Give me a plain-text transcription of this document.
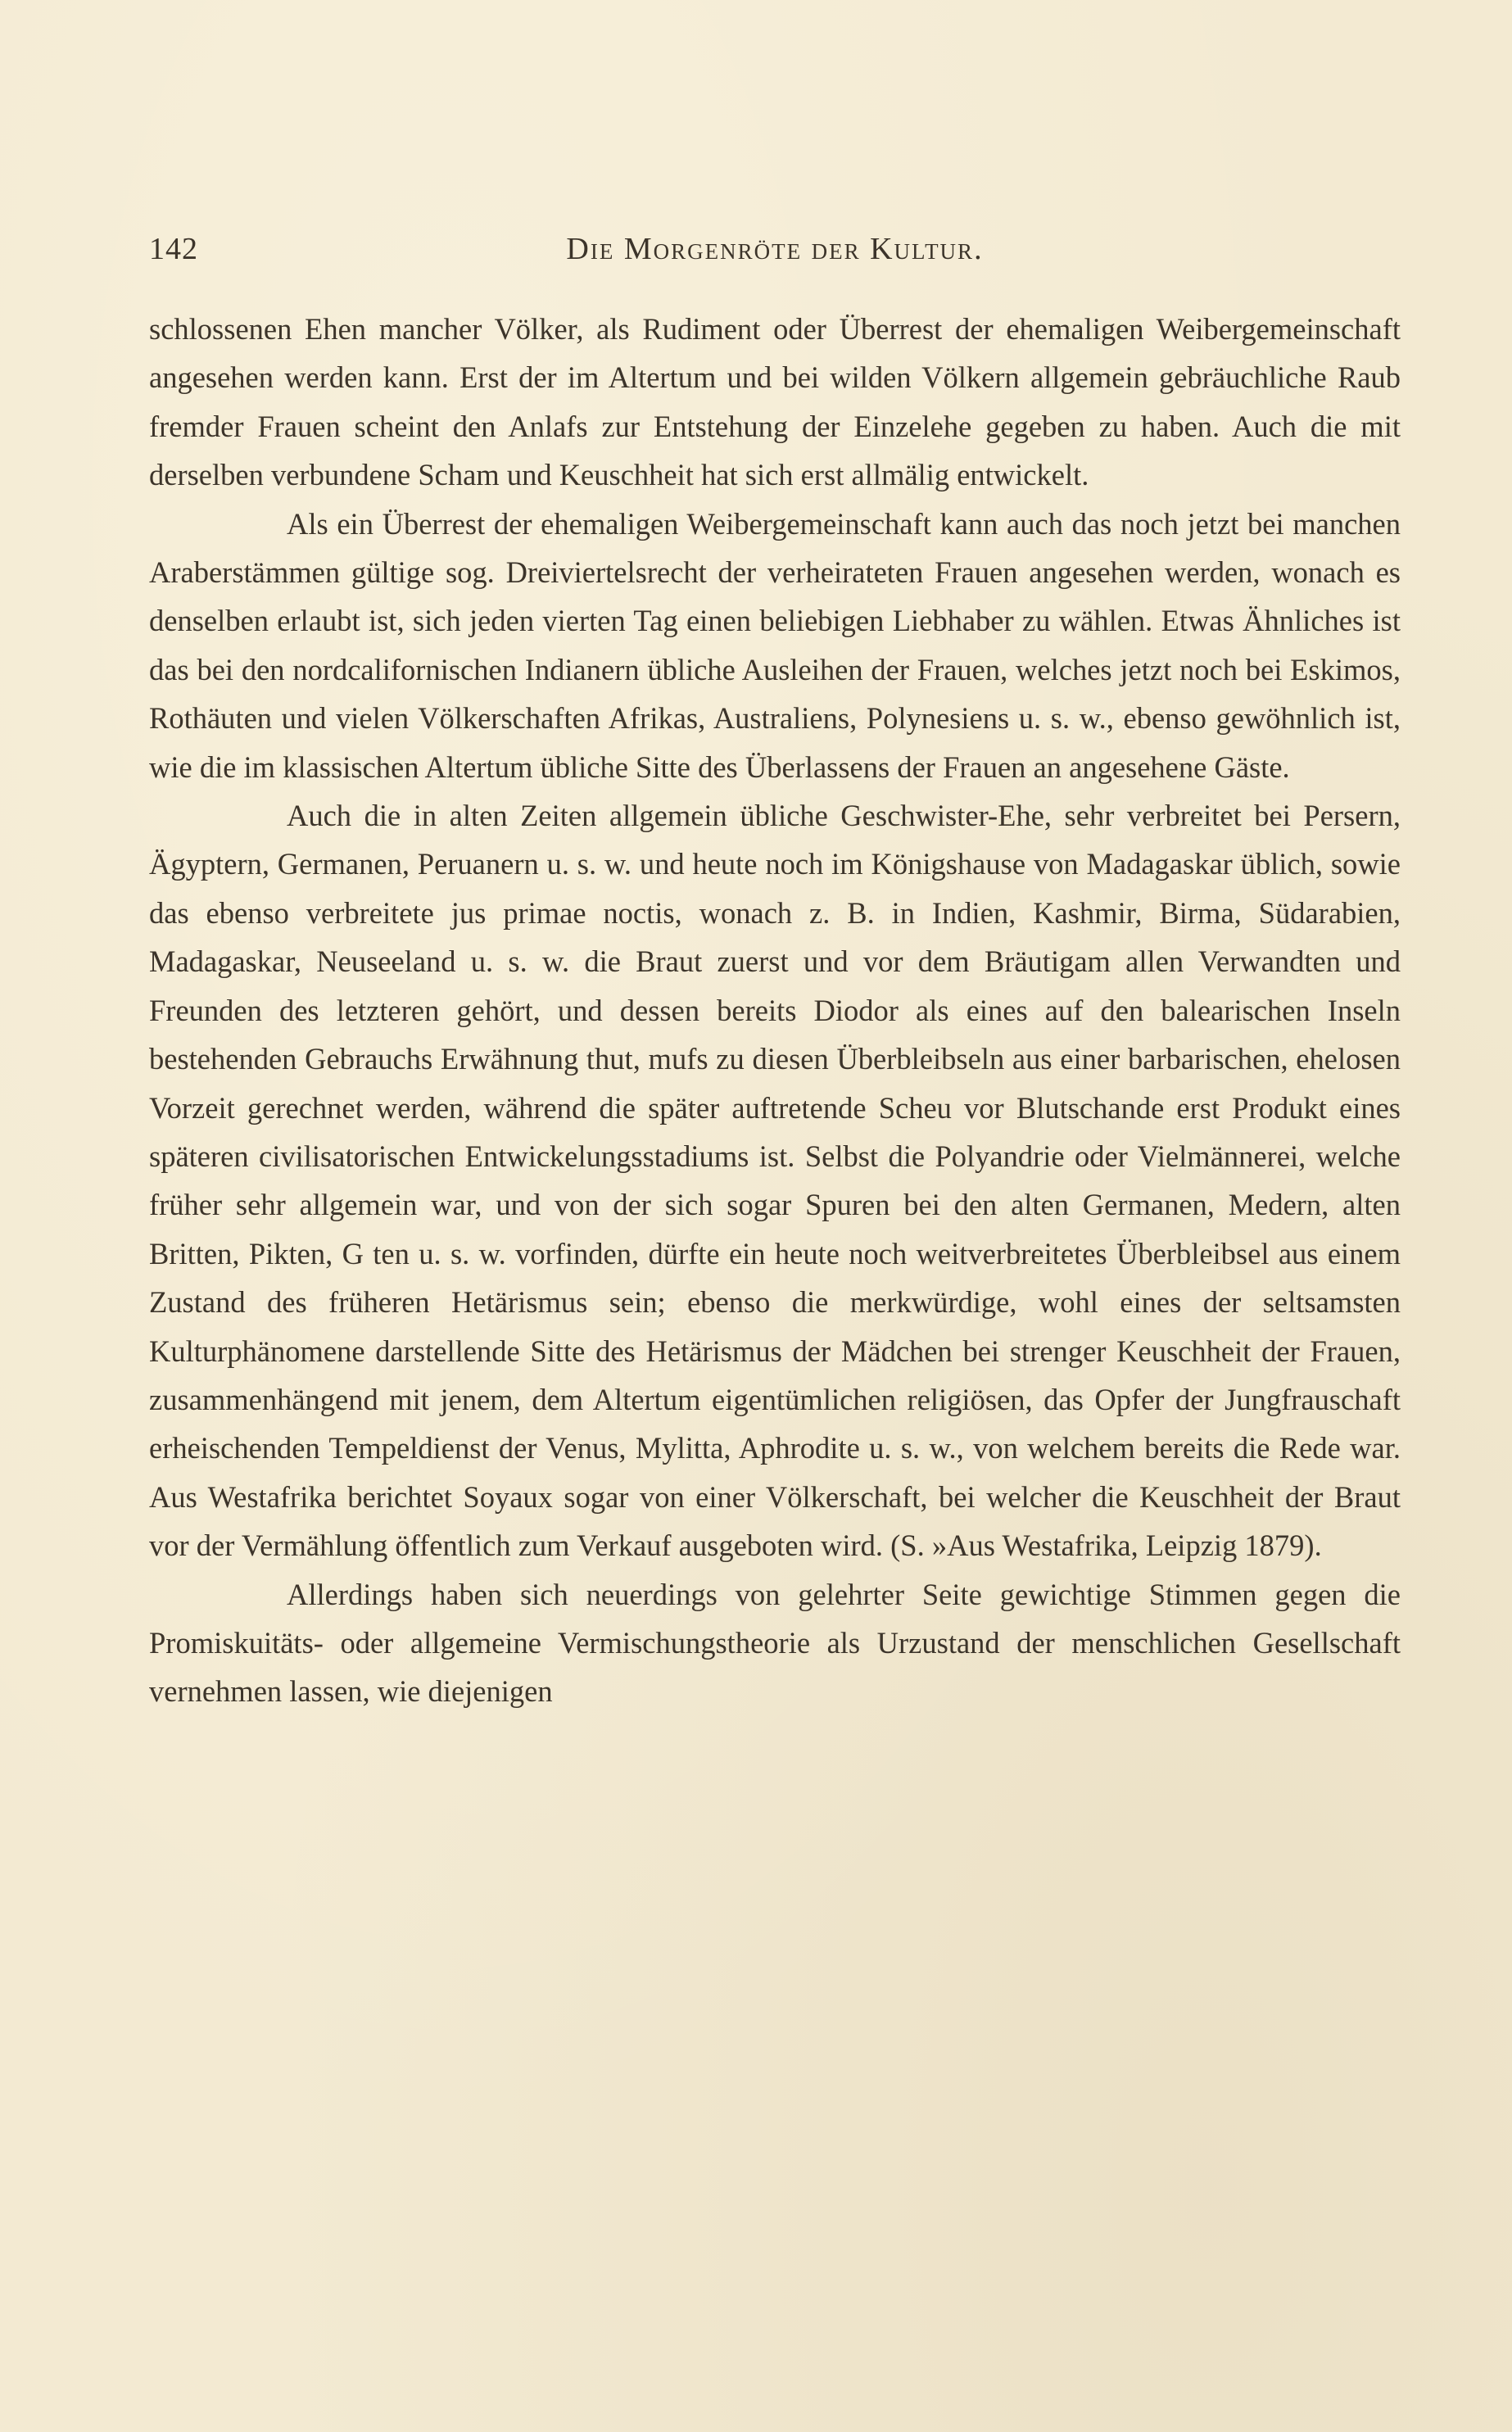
142	Die Morgenröte der Kultur.

schlossenen Ehen mancher Völker, als Rudiment oder Überrest der ehemaligen Weibergemeinschaft angesehen werden kann. Erst der im Altertum und bei wilden Völkern allgemein gebräuchliche Raub fremder Frauen scheint den Anlafs zur Entstehung der Einzelehe gegeben zu haben. Auch die mit derselben verbundene Scham und Keuschheit hat sich erst allmälig entwickelt.

Als ein Überrest der ehemaligen Weibergemeinschaft kann auch das noch jetzt bei manchen Araberstämmen gültige sog. Dreiviertelsrecht der verheirateten Frauen angesehen werden, wonach es denselben erlaubt ist, sich jeden vierten Tag einen beliebigen Liebhaber zu wählen. Etwas Ähnliches ist das bei den nordcalifornischen Indianern übliche Ausleihen der Frauen, welches jetzt noch bei Eskimos, Rothäuten und vielen Völkerschaften Afrikas, Australiens, Polynesiens u. s. w., ebenso gewöhnlich ist, wie die im klassischen Altertum übliche Sitte des Überlassens der Frauen an angesehene Gäste.

Auch die in alten Zeiten allgemein übliche Geschwister-Ehe, sehr verbreitet bei Persern, Ägyptern, Germanen, Peruanern u. s. w. und heute noch im Königshause von Madagaskar üblich, sowie das ebenso verbreitete jus primae noctis, wonach z. B. in Indien, Kashmir, Birma, Südarabien, Madagaskar, Neuseeland u. s. w. die Braut zuerst und vor dem Bräutigam allen Verwandten und Freunden des letzteren gehört, und dessen bereits Diodor als eines auf den balearischen Inseln bestehenden Gebrauchs Erwähnung thut, mufs zu diesen Überbleibseln aus einer barbarischen, ehelosen Vorzeit gerechnet werden, während die später auftretende Scheu vor Blutschande erst Produkt eines späteren civilisatorischen Entwickelungsstadiums ist. Selbst die Polyandrie oder Vielmännerei, welche früher sehr allgemein war, und von der sich sogar Spuren bei den alten Germanen, Medern, alten Britten, Pikten, G ten u. s. w. vorfinden, dürfte ein heute noch weitverbreitetes Überbleibsel aus einem Zustand des früheren Hetärismus sein; ebenso die merkwürdige, wohl eines der seltsamsten Kulturphänomene darstellende Sitte des Hetärismus der Mädchen bei strenger Keuschheit der Frauen, zusammenhängend mit jenem, dem Altertum eigentümlichen religiösen, das Opfer der Jungfrauschaft erheischenden Tempeldienst der Venus, Mylitta, Aphrodite u. s. w., von welchem bereits die Rede war. Aus Westafrika berichtet Soyaux sogar von einer Völkerschaft, bei welcher die Keuschheit der Braut vor der Vermählung öffentlich zum Verkauf ausgeboten wird. (S. »Aus Westafrika, Leipzig 1879).

Allerdings haben sich neuerdings von gelehrter Seite gewichtige Stimmen gegen die Promiskuitäts- oder allgemeine Vermischungstheorie als Urzustand der menschlichen Gesellschaft vernehmen lassen, wie diejenigen
